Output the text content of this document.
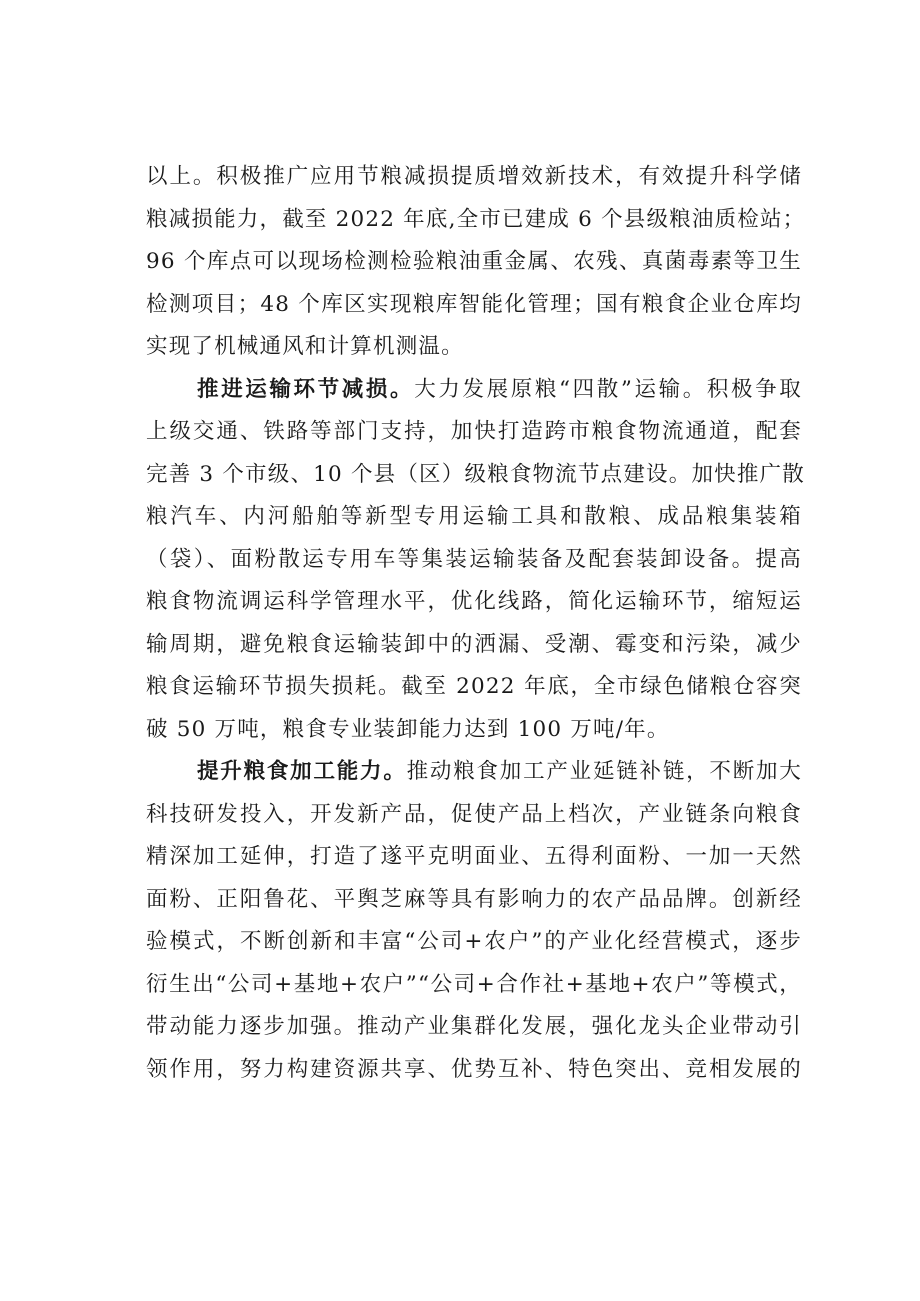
以上。积极推广应用节粮减损提质增效新技术，有效提升科学储
粮减损能力，截至 2022 年底,全市已建成 6 个县级粮油质检站；
96 个库点可以现场检测检验粮油重金属、农残、真菌毒素等卫生
检测项目；48 个库区实现粮库智能化管理；国有粮食企业仓库均
实现了机械通风和计算机测温。
推进运输环节减损。大力发展原粮“四散”运输。积极争取
上级交通、铁路等部门支持，加快打造跨市粮食物流通道，配套
完善 3 个市级、10 个县（区）级粮食物流节点建设。加快推广散
粮汽车、内河船舶等新型专用运输工具和散粮、成品粮集装箱
（袋）、面粉散运专用车等集装运输装备及配套装卸设备。提高
粮食物流调运科学管理水平，优化线路，简化运输环节，缩短运
输周期，避免粮食运输装卸中的洒漏、受潮、霉变和污染，减少
粮食运输环节损失损耗。截至 2022 年底，全市绿色储粮仓容突
破 50 万吨，粮食专业装卸能力达到 100 万吨/年。
提升粮食加工能力。推动粮食加工产业延链补链，不断加大
科技研发投入，开发新产品，促使产品上档次，产业链条向粮食
精深加工延伸，打造了遂平克明面业、五得利面粉、一加一天然
面粉、正阳鲁花、平舆芝麻等具有影响力的农产品品牌。创新经
验模式，不断创新和丰富“公司+农户”的产业化经营模式，逐步
衍生出“公司+基地+农户”“公司+合作社+基地+农户”等模式，
带动能力逐步加强。推动产业集群化发展，强化龙头企业带动引
领作用，努力构建资源共享、优势互补、特色突出、竞相发展的
